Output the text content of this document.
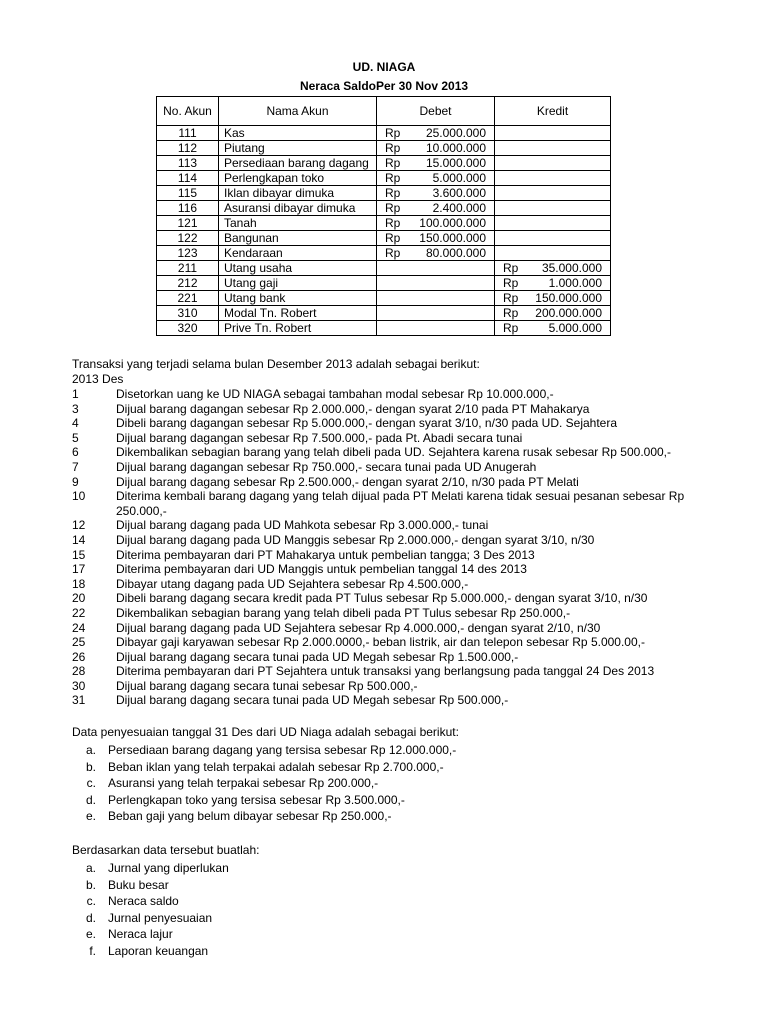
UD. NIAGA
Neraca SaldoPer 30 Nov 2013
No. Akun	Nama Akun	Debet	Kredit
111	Kas	Rp 25.000.000	

112	Piutang	Rp 10.000.000	

113	Persediaan barang dagang	Rp 15.000.000	

114	Perlengkapan toko	Rp 5.000.000	

115	Iklan dibayar dimuka	Rp 3.600.000	

116	Asuransi dibayar dimuka	Rp 2.400.000	

121	Tanah	Rp 100.000.000	

122	Bangunan	Rp 150.000.000	

123	Kendaraan	Rp 80.000.000	

211	Utang usaha		Rp 35.000.000

212	Utang gaji		Rp 1.000.000

221	Utang bank		Rp 150.000.000

310	Modal Tn. Robert		Rp 200.000.000

320	Prive Tn. Robert		Rp 5.000.000
Transaksi yang terjadi selama bulan Desember 2013 adalah sebagai berikut:
2013 Des
1	Disetorkan uang ke UD NIAGA sebagai tambahan modal sebesar Rp 10.000.000,-
3	Dijual barang dagangan sebesar Rp 2.000.000,- dengan syarat 2/10 pada PT Mahakarya
4	Dibeli barang dagangan sebesar Rp 5.000.000,- dengan syarat 3/10, n/30 pada UD. Sejahtera
5	Dijual barang dagangan sebesar Rp 7.500.000,- pada Pt. Abadi secara tunai
6	Dikembalikan sebagian barang yang telah dibeli pada UD. Sejahtera karena rusak sebesar Rp 500.000,-
7	Dijual barang dagangan sebesar Rp 750.000,- secara tunai pada UD Anugerah
9	Dijual barang dagang sebesar Rp 2.500.000,- dengan syarat 2/10, n/30 pada PT Melati
10	Diterima kembali barang dagang yang telah dijual pada PT Melati karena tidak sesuai pesanan sebesar Rp 250.000,-
12	Dijual barang dagang pada UD Mahkota sebesar Rp 3.000.000,- tunai
14	Dijual barang dagang pada UD Manggis sebesar Rp 2.000.000,- dengan syarat 3/10, n/30
15	Diterima pembayaran dari PT Mahakarya untuk pembelian tangga; 3 Des 2013
17	Diterima pembayaran dari UD Manggis untuk pembelian tanggal 14 des 2013
18	Dibayar utang dagang pada UD Sejahtera sebesar Rp 4.500.000,-
20	Dibeli barang dagang secara kredit pada PT Tulus sebesar Rp 5.000.000,- dengan syarat 3/10, n/30
22	Dikembalikan sebagian barang yang telah dibeli pada PT Tulus sebesar Rp 250.000,-
24	Dijual barang dagang pada UD Sejahtera sebesar Rp 4.000.000,- dengan syarat 2/10, n/30
25	Dibayar gaji karyawan sebesar Rp 2.000.0000,- beban listrik, air dan telepon sebesar Rp 5.000.00,-
26	Dijual barang dagang secara tunai pada UD Megah sebesar Rp 1.500.000,-
28	Diterima pembayaran dari PT Sejahtera untuk transaksi yang berlangsung pada tanggal 24 Des 2013
30	Dijual barang dagang secara tunai sebesar Rp 500.000,-
31	Dijual barang dagang secara tunai pada UD Megah sebesar Rp 500.000,-
Data penyesuaian tanggal 31 Des dari UD Niaga adalah sebagai berikut:
a.	Persediaan barang dagang yang tersisa sebesar Rp 12.000.000,-
b.	Beban iklan yang telah terpakai adalah sebesar Rp 2.700.000,-
c.	Asuransi yang telah terpakai sebesar Rp 200.000,-
d.	Perlengkapan toko yang tersisa sebesar Rp 3.500.000,-
e.	Beban gaji yang belum dibayar sebesar Rp 250.000,-
Berdasarkan data tersebut buatlah:
a.	Jurnal yang diperlukan
b.	Buku besar
c.	Neraca saldo
d.	Jurnal penyesuaian
e.	Neraca lajur
f.	Laporan keuangan
